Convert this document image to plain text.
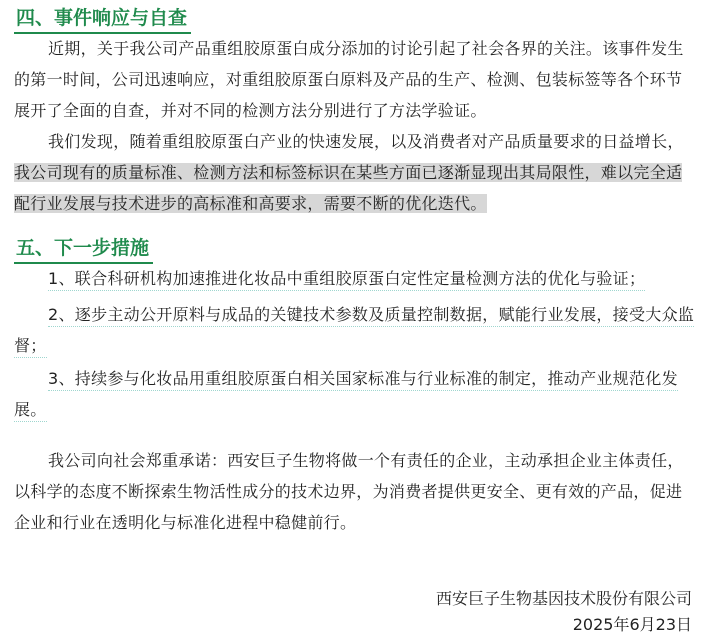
四、事件响应与自查

近期，关于我公司产品重组胶原蛋白成分添加的讨论引起了社会各界的关注。该事件发生的第一时间，公司迅速响应，对重组胶原蛋白原料及产品的生产、检测、包装标签等各个环节展开了全面的自查，并对不同的检测方法分别进行了方法学验证。

我们发现，随着重组胶原蛋白产业的快速发展，以及消费者对产品质量要求的日益增长，我公司现有的质量标准、检测方法和标签标识在某些方面已逐渐显现出其局限性，难以完全适配行业发展与技术进步的高标准和高要求，需要不断的优化迭代。

五、下一步措施

1、联合科研机构加速推进化妆品中重组胶原蛋白定性定量检测方法的优化与验证；

2、逐步主动公开原料与成品的关键技术参数及质量控制数据，赋能行业发展，接受大众监督；

3、持续参与化妆品用重组胶原蛋白相关国家标准与行业标准的制定，推动产业规范化发展。

我公司向社会郑重承诺：西安巨子生物将做一个有责任的企业，主动承担企业主体责任，以科学的态度不断探索生物活性成分的技术边界，为消费者提供更安全、更有效的产品，促进企业和行业在透明化与标准化进程中稳健前行。

西安巨子生物基因技术股份有限公司
2025年6月23日
